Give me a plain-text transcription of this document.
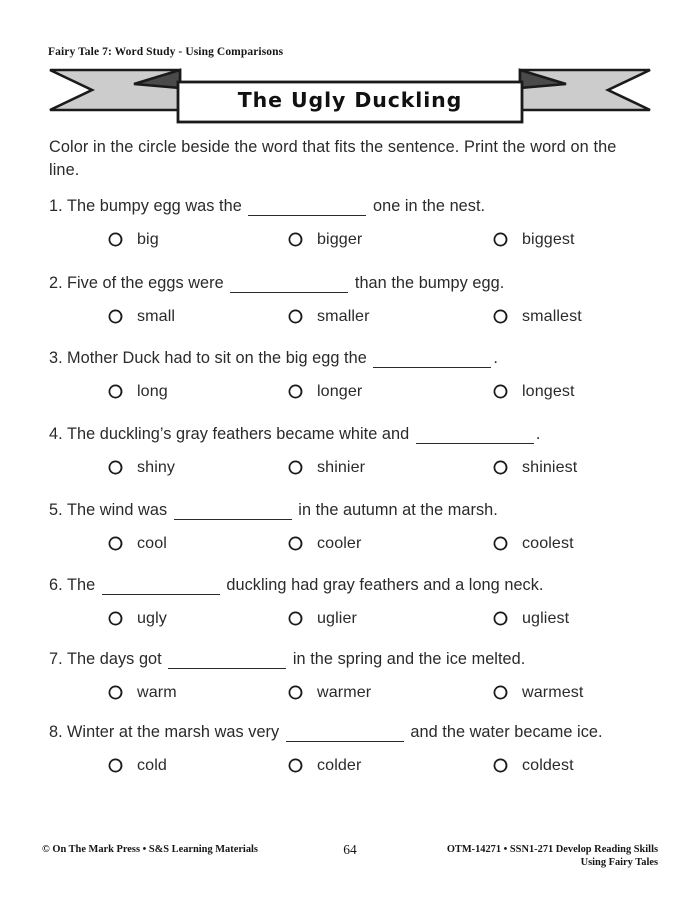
Fairy Tale 7: Word Study - Using Comparisons
The Ugly Duckling
Color in the circle beside the word that fits the sentence. Print the word on the line.
1. The bumpy egg was the	one in the nest.
big	bigger	biggest
2. Five of the eggs were	than the bumpy egg.
small	smaller	smallest
3. Mother Duck had to sit on the big egg the	.
long	longer	longest
4. The duckling’s gray feathers became white and	.
shiny	shinier	shiniest
5. The wind was	in the autumn at the marsh.
cool	cooler	coolest
6. The	duckling had gray feathers and a long neck.
ugly	uglier	ugliest
7. The days got	in the spring and the ice melted.
warm	warmer	warmest
8. Winter at the marsh was very	and the water became ice.
cold	colder	coldest
© On The Mark Press • S&S Learning Materials	64	OTM-14271 • SSN1-271 Develop Reading Skills
Using Fairy Tales
